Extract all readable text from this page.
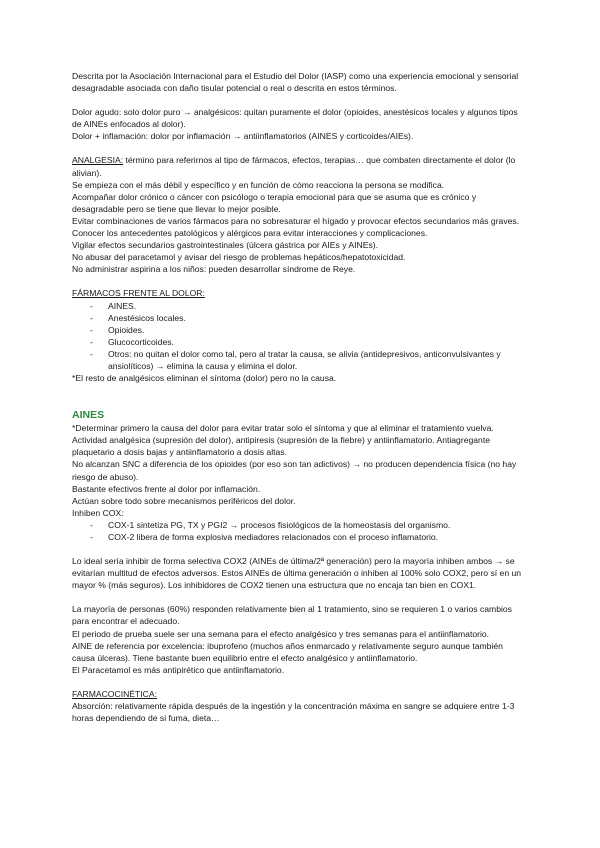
Descrita por la Asociación Internacional para el Estudio del Dolor (IASP) como una experiencia emocional y sensorial desagradable asociada con daño tisular potencial o real o descrita en estos términos.

Dolor agudo: solo dolor puro → analgésicos: quitan puramente el dolor (opioides, anestésicos locales y algunos tipos de AINEs enfocados al dolor).

Dolor + inflamación: dolor por inflamación → antiinflamatorios (AINES y corticoides/AIEs).

ANALGESIA: término para referirnos al tipo de fármacos, efectos, terapias… que combaten directamente el dolor (lo alivian).

Se empieza con el más débil y específico y en función de cómo reacciona la persona se modifica.

Acompañar dolor crónico o cáncer con psicólogo o terapia emocional para que se asuma que es crónico y desagradable pero se tiene que llevar lo mejor posible.

Evitar combinaciones de varios fármacos para no sobresaturar el hígado y provocar efectos secundarios más graves.

Conocer los antecedentes patológicos y alérgicos para evitar interacciones y complicaciones.

Vigilar efectos secundarios gastrointestinales (úlcera gástrica por AIEs y AINEs).

No abusar del paracetamol y avisar del riesgo de problemas hepáticos/hepatotoxicidad.

No administrar aspirina a los niños: pueden desarrollar síndrome de Reye.

FÁRMACOS FRENTE AL DOLOR:

- AINES.
- Anestésicos locales.
- Opioides.
- Glucocorticoides.
- Otros: no quitan el dolor como tal, pero al tratar la causa, se alivia (antidepresivos, anticonvulsivantes y ansiolíticos) → elimina la causa y elimina el dolor.

*El resto de analgésicos eliminan el síntoma (dolor) pero no la causa.

AINES

*Determinar primero la causa del dolor para evitar tratar solo el síntoma y que al eliminar el tratamiento vuelva.

Actividad analgésica (supresión del dolor), antipiresis (supresión de la fiebre) y antiinflamatorio. Antiagregante plaquetario a dosis bajas y antiinflamatorio a dosis altas.

No alcanzan SNC a diferencia de los opioides (por eso son tan adictivos) → no producen dependencia física (no hay riesgo de abuso).

Bastante efectivos frente al dolor por inflamación.

Actúan sobre todo sobre mecanismos periféricos del dolor.

Inhiben COX:

- COX-1 sintetiza PG, TX y PGI2 → procesos fisiológicos de la homeostasis del organismo.
- COX-2 libera de forma explosiva mediadores relacionados con el proceso inflamatorio.

Lo ideal sería inhibir de forma selectiva COX2 (AINEs de última/2ª generación) pero la mayoría inhiben ambos → se evitarían multitud de efectos adversos. Estos AINEs de última generación o inhiben al 100% solo COX2, pero sí en un mayor % (más seguros). Los inhibidores de COX2 tienen una estructura que no encaja tan bien en COX1.

La mayoría de personas (60%) responden relativamente bien al 1 tratamiento, sino se requieren 1 o varios cambios para encontrar el adecuado.

El periodo de prueba suele ser una semana para el efecto analgésico y tres semanas para el antiinflamatorio.

AINE de referencia por excelencia: ibuprofeno (muchos años enmarcado y relativamente seguro aunque también causa úlceras). Tiene bastante buen equilibrio entre el efecto analgésico y antiinflamatorio.

El Paracetamol es más antipirético que antiinflamatorio.

FARMACOCINÉTICA:

Absorción: relativamente rápida después de la ingestión y la concentración máxima en sangre se adquiere entre 1-3 horas dependiendo de si fuma, dieta…
